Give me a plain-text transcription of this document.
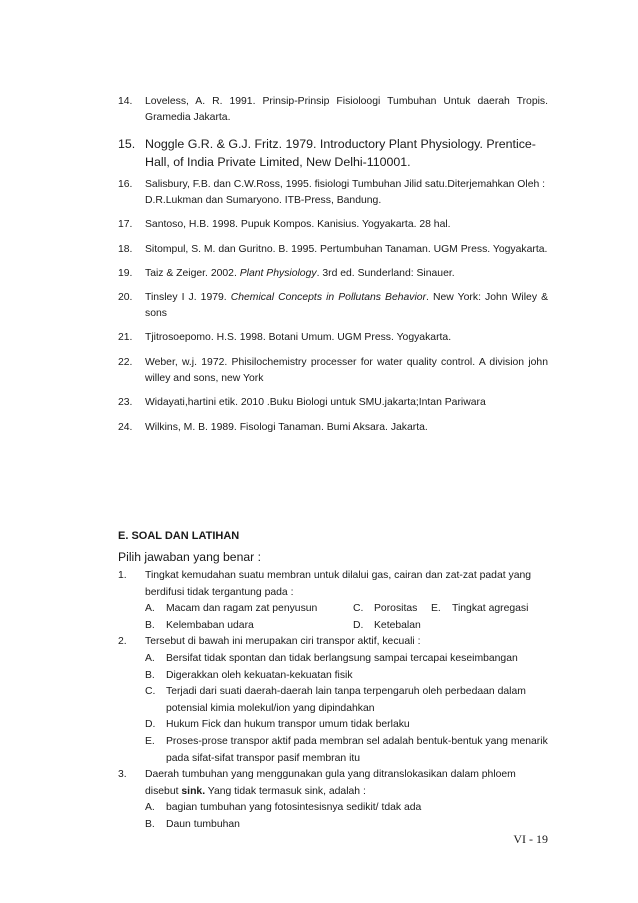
14. Loveless, A. R. 1991. Prinsip-Prinsip Fisioloogi Tumbuhan Untuk daerah Tropis. Gramedia Jakarta.
15. Noggle G.R. & G.J. Fritz. 1979. Introductory Plant Physiology. Prentice-Hall, of India Private Limited, New Delhi-110001.
16. Salisbury, F.B. dan C.W.Ross, 1995. fisiologi Tumbuhan Jilid satu.Diterjemahkan Oleh : D.R.Lukman dan Sumaryono. ITB-Press, Bandung.
17. Santoso, H.B. 1998. Pupuk Kompos. Kanisius. Yogyakarta. 28 hal.
18. Sitompul, S. M. dan Guritno. B. 1995. Pertumbuhan Tanaman. UGM Press. Yogyakarta.
19. Taiz & Zeiger. 2002. Plant Physiology. 3rd ed. Sunderland: Sinauer.
20. Tinsley I J. 1979. Chemical Concepts in Pollutans Behavior. New York: John Wiley & sons
21. Tjitrosoepomo. H.S. 1998. Botani Umum. UGM Press. Yogyakarta.
22. Weber, w.j. 1972. Phisilochemistry processer for water quality control. A division john willey and sons, new York
23. Widayati,hartini etik. 2010 .Buku Biologi untuk SMU.jakarta;Intan Pariwara
24. Wilkins, M. B. 1989. Fisologi Tanaman. Bumi Aksara. Jakarta.
E. SOAL DAN LATIHAN
Pilih jawaban yang benar :
1. Tingkat kemudahan suatu membran untuk dilalui gas, cairan dan zat-zat padat yang berdifusi tidak tergantung pada :
A. Macam dan ragam zat penyusun	C. Porositas	E. Tingkat agregasi
B. Kelembaban udara	D. Ketebalan
2. Tersebut di bawah ini merupakan ciri transpor aktif, kecuali :
A. Bersifat tidak spontan dan tidak berlangsung sampai tercapai keseimbangan
B. Digerakkan oleh kekuatan-kekuatan fisik
C. Terjadi dari suati daerah-daerah lain tanpa terpengaruh oleh perbedaan dalam potensial kimia molekul/ion yang dipindahkan
D. Hukum Fick dan hukum transpor umum tidak berlaku
E. Proses-prose transpor aktif pada membran sel adalah bentuk-bentuk yang menarik pada sifat-sifat transpor pasif membran itu
3. Daerah tumbuhan yang menggunakan gula yang ditranslokasikan dalam phloem disebut sink. Yang tidak termasuk sink, adalah :
A. bagian tumbuhan yang fotosintesisnya sedikit/ tdak ada
B. Daun tumbuhan
VI - 19
